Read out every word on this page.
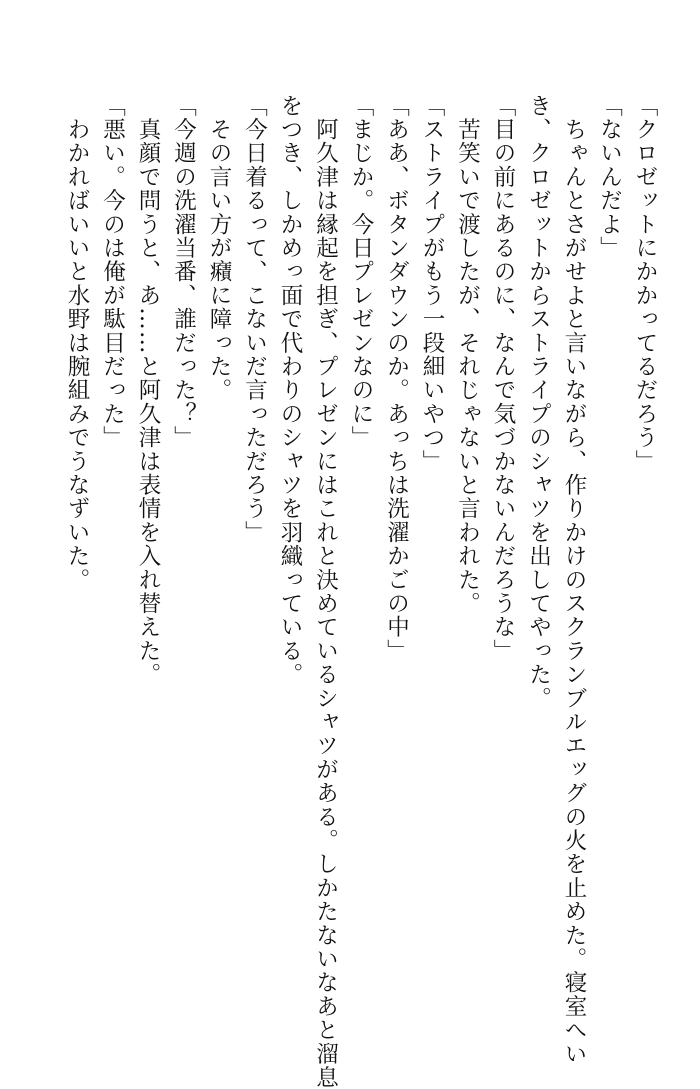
「クロゼットにかかってるだろう」
「ないんだよ」
　ちゃんとさがせよと言いながら、作りかけのスクランブルエッグの火を止めた。寝室へい
き、クロゼットからストライプのシャツを出してやった。
「目の前にあるのに、なんで気づかないんだろうな」
　苦笑いで渡したが、それじゃないと言われた。
「ストライプがもう一段細いやつ」
「ああ、ボタンダウンのか。あっちは洗濯かごの中」
「まじか。今日プレゼンなのに」
　阿久津は縁起を担ぎ、プレゼンにはこれと決めているシャツがある。しかたないなあと溜息
をつき、しかめっ面で代わりのシャツを羽織っている。
「今日着るって、こないだ言っただろう」
　その言い方が癪に障った。
「今週の洗濯当番、誰だった？」
　真顔で問うと、あ……と阿久津は表情を入れ替えた。
「悪い。今のは俺が駄目だった」
　わかればいいと水野は腕組みでうなずいた。
